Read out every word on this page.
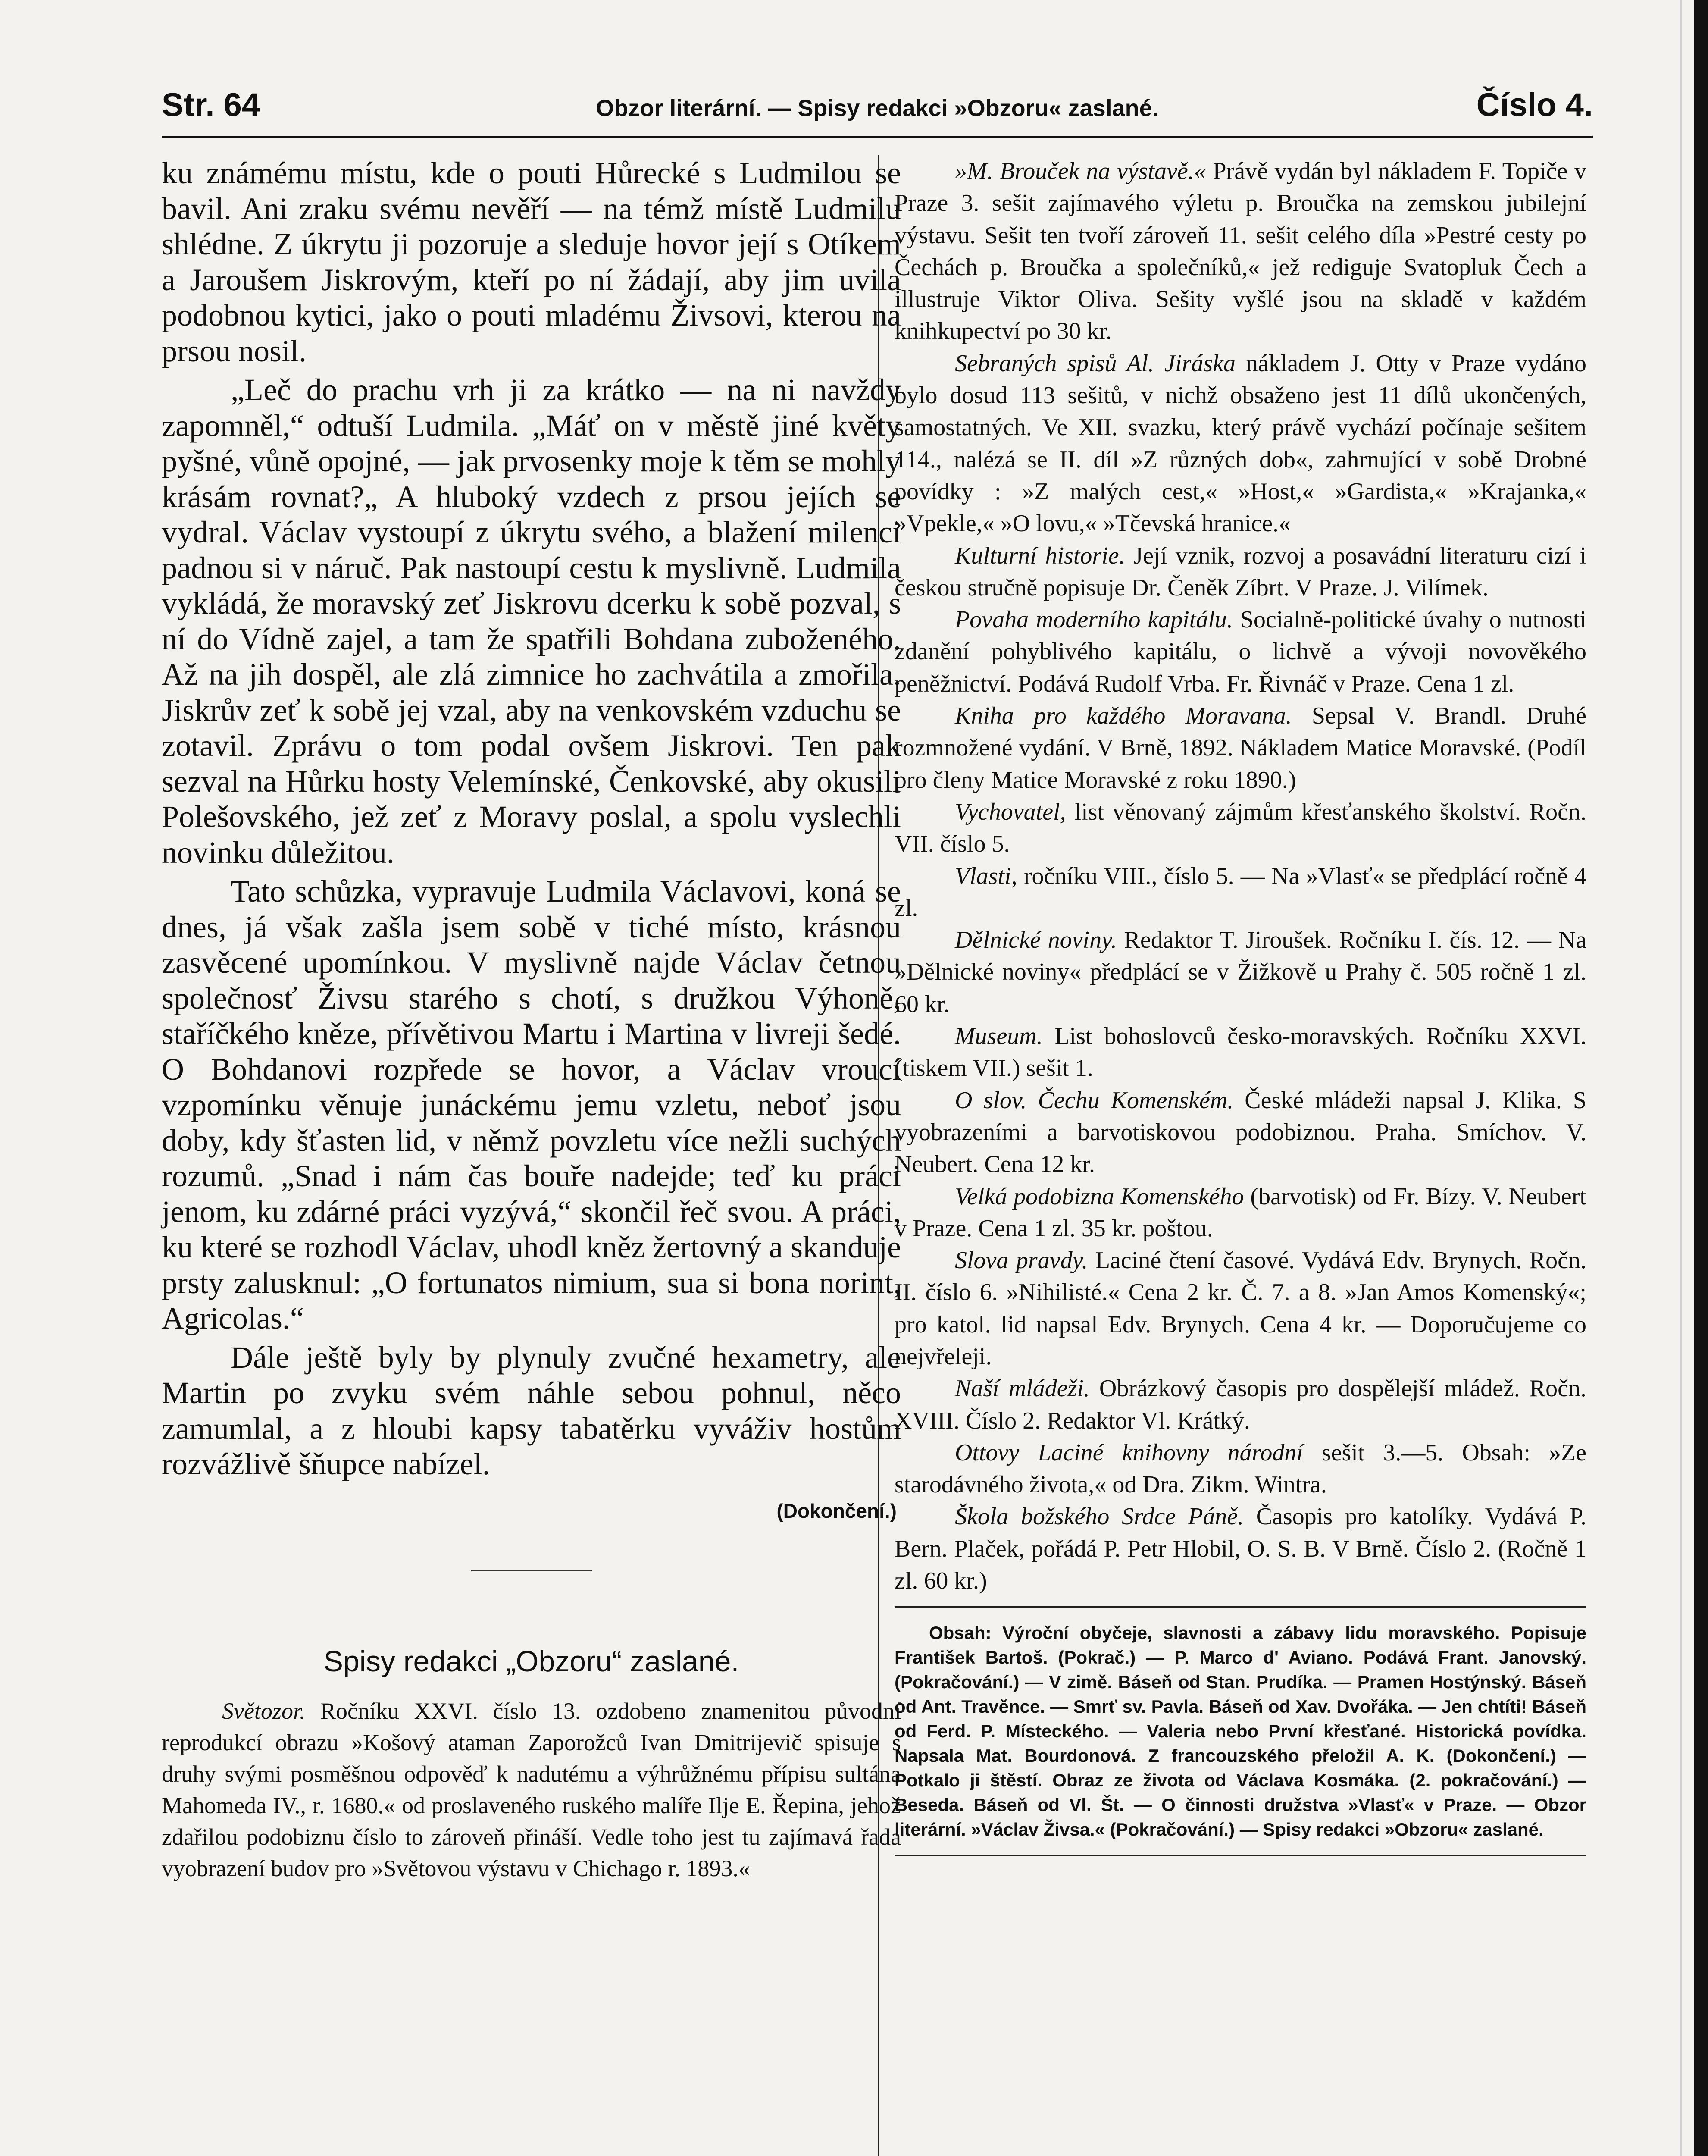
Str. 64	Obzor literární. — Spisy redakci »Obzoru« zaslané.	Číslo 4.

ku známému místu, kde o pouti Hůrecké s Ludmilou se bavil. Ani zraku svému nevěří — na témž místě Ludmilu shlédne. Z úkrytu ji pozoruje a sleduje hovor její s Otíkem a Jaroušem Jiskrovým, kteří po ní žádají, aby jim uvila podobnou kytici, jako o pouti mladému Živsovi, kterou na prsou nosil.

„Leč do prachu vrh ji za krátko — na ni navždy zapomněl,“ odtuší Ludmila. „Máť on v městě jiné květy pyšné, vůně opojné, — jak prvosenky moje k těm se mohly krásám rovnat?„ A hluboký vzdech z prsou jejích se vydral. Václav vystoupí z úkrytu svého, a blažení milenci padnou si v náruč. Pak nastoupí cestu k myslivně. Ludmila vykládá, že moravský zeť Jiskrovu dcerku k sobě pozval, s ní do Vídně zajel, a tam že spatřili Bohdana zuboženého. Až na jih dospěl, ale zlá zimnice ho zachvátila a zmořila. Jiskrův zeť k sobě jej vzal, aby na venkovském vzduchu se zotavil. Zprávu o tom podal ovšem Jiskrovi. Ten pak sezval na Hůrku hosty Velemínské, Čenkovské, aby okusili Polešovského, jež zeť z Moravy poslal, a spolu vyslechli novinku důležitou.

Tato schůzka, vypravuje Ludmila Václavovi, koná se dnes, já však zašla jsem sobě v tiché místo, krásnou zasvěcené upomínkou. V myslivně najde Václav četnou společnosť Živsu starého s chotí, s družkou Výhoně, staříčkého kněze, přívětivou Martu i Martina v livreji šedé. O Bohdanovi rozpřede se hovor, a Václav vroucí vzpomínku věnuje junáckému jemu vzletu, neboť jsou doby, kdy šťasten lid, v němž povzletu více nežli suchých rozumů. „Snad i nám čas bouře nadejde; teď ku práci jenom, ku zdárné práci vyzývá,“ skončil řeč svou. A práci, ku které se rozhodl Václav, uhodl kněz žertovný a skanduje prsty zalusknul: „O fortunatos nimium, sua si bona norint, Agricolas.“

Dále ještě byly by plynuly zvučné hexametry, ale Martin po zvyku svém náhle sebou pohnul, něco zamumlal, a z hloubi kapsy tabatěrku vyváživ hostům rozvážlivě šňupce nabízel.

(Dokončení.)
Spisy redakci „Obzoru“ zaslané.

Světozor. Ročníku XXVI. číslo 13. ozdobeno znamenitou původní reprodukcí obrazu »Košový ataman Zaporožců Ivan Dmitrijevič spisuje s druhy svými posměšnou odpověď k nadutému a výhrůžnému přípisu sultána Mahomeda IV., r. 1680.« od proslaveného ruského malíře Ilje E. Řepina, jehož zdařilou podobiznu číslo to zároveň přináší. Vedle toho jest tu zajímavá řada vyobrazení budov pro »Světovou výstavu v Chichago r. 1893.«

»M. Brouček na výstavě.« Právě vydán byl nákladem F. Topiče v Praze 3. sešit zajímavého výletu p. Broučka na zemskou jubilejní výstavu. Sešit ten tvoří zároveň 11. sešit celého díla »Pestré cesty po Čechách p. Broučka a společníků,« jež rediguje Svatopluk Čech a illustruje Viktor Oliva. Sešity vyšlé jsou na skladě v každém knihkupectví po 30 kr.

Sebraných spisů Al. Jiráska nákladem J. Otty v Praze vydáno bylo dosud 113 sešitů, v nichž obsaženo jest 11 dílů ukončených, samostatných. Ve XII. svazku, který právě vychází počínaje sešitem 114., nalézá se II. díl »Z různých dob«, zahrnující v sobě Drobné povídky : »Z malých cest,« »Host,« »Gardista,« »Krajanka,« »Vpekle,« »O lovu,« »Tčevská hranice.«

Kulturní historie. Její vznik, rozvoj a posavádní literaturu cizí i českou stručně popisuje Dr. Čeněk Zíbrt. V Praze. J. Vilímek.

Povaha moderního kapitálu. Socialně-politické úvahy o nutnosti zdanění pohyblivého kapitálu, o lichvě a vývoji novověkého peněžnictví. Podává Rudolf Vrba. Fr. Řivnáč v Praze. Cena 1 zl.

Kniha pro každého Moravana. Sepsal V. Brandl. Druhé rozmnožené vydání. V Brně, 1892. Nákladem Matice Moravské. (Podíl pro členy Matice Moravské z roku 1890.)

Vychovatel, list věnovaný zájmům křesťanského školství. Ročn. VII. číslo 5.

Vlasti, ročníku VIII., číslo 5. — Na »Vlasť« se předplácí ročně 4 zl.

Dělnické noviny. Redaktor T. Jiroušek. Ročníku I. čís. 12. — Na »Dělnické noviny« předplácí se v Žižkově u Prahy č. 505 ročně 1 zl. 60 kr.

Museum. List bohoslovců česko-moravských. Ročníku XXVI. (tiskem VII.) sešit 1.

O slov. Čechu Komenském. České mládeži napsal J. Klika. S vyobrazeními a barvotiskovou podobiznou. Praha. Smíchov. V. Neubert. Cena 12 kr.

Velká podobizna Komenského (barvotisk) od Fr. Bízy. V. Neubert v Praze. Cena 1 zl. 35 kr. poštou.

Slova pravdy. Laciné čtení časové. Vydává Edv. Brynych. Ročn. II. číslo 6. »Nihilisté.« Cena 2 kr. Č. 7. a 8. »Jan Amos Komenský«; pro katol. lid napsal Edv. Brynych. Cena 4 kr. — Doporučujeme co nejvřeleji.

Naší mládeži. Obrázkový časopis pro dospělejší mládež. Ročn. XVIII. Číslo 2. Redaktor Vl. Krátký.

Ottovy Laciné knihovny národní sešit 3.—5. Obsah: »Ze starodávného života,« od Dra. Zikm. Wintra.

Škola božského Srdce Páně. Časopis pro katolíky. Vydává P. Bern. Plaček, pořádá P. Petr Hlobil, O. S. B. V Brně. Číslo 2. (Ročně 1 zl. 60 kr.)

Obsah: Výroční obyčeje, slavnosti a zábavy lidu moravského. Popisuje František Bartoš. (Pokrač.) — P. Marco d' Aviano. Podává Frant. Janovský. (Pokračování.) — V zimě. Báseň od Stan. Prudíka. — Pramen Hostýnský. Báseň od Ant. Travěnce. — Smrť sv. Pavla. Báseň od Xav. Dvořáka. — Jen chtíti! Báseň od Ferd. P. Místeckého. — Valeria nebo První křesťané. Historická povídka. Napsala Mat. Bourdonová. Z francouzského přeložil A. K. (Dokončení.) — Potkalo ji štěstí. Obraz ze života od Václava Kosmáka. (2. pokračování.) — Beseda. Báseň od Vl. Št. — O činnosti družstva »Vlasť« v Praze. — Obzor literární. »Václav Živsa.« (Pokračování.) — Spisy redakci »Obzoru« zaslané.
